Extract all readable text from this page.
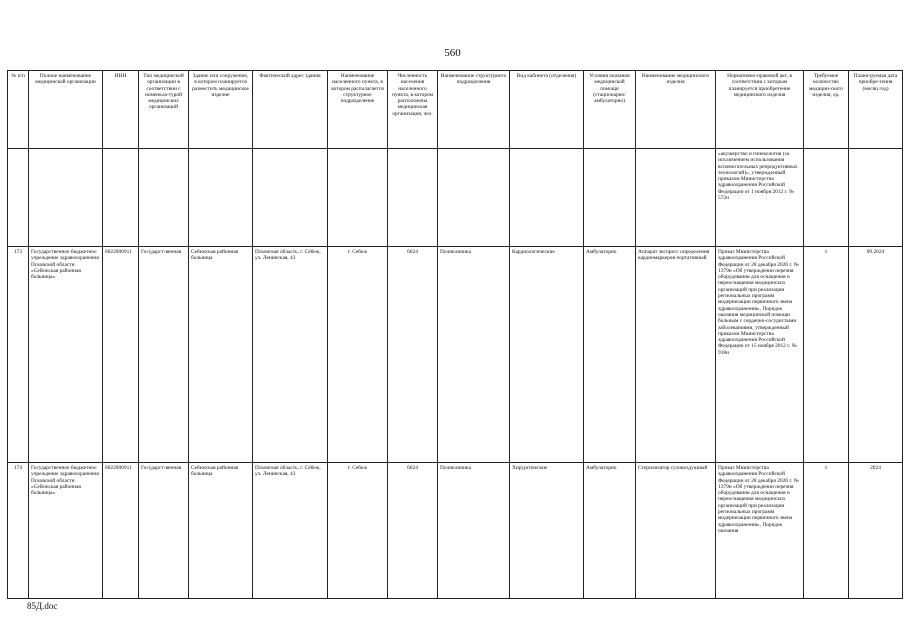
560
№ п/п	Полное наименование медицинской организации	ИНН	Тип медицинской организации в соответствии с номенкла-турой медицинских организаций	Здание или сооружение, в котором планируется разместить медицинское изделие	Фактический адрес здания	Наименование населенного пункта, в котором располагается структурное подразделение	Численность населения населенного пункта, в котором расположена медицинская организация, чел.	Наименование структурного подразделения	Вид кабинета (отделения)	Условия оказания медицинской помощи (стационарно/амбулаторно)	Наименование медицинского изделия	Нормативно-правовой акт, в соответствии с которым планируется приобретение медицинского изделия	Требуемое количество медицин-ского изделия, ед.	Плани-руемая дата приобре-тения (месяц год)
												«акушерство и гинекология (за исключением использования вспомогательных репродуктивных технологий)», утвержденный приказом Министерства здравоохранения Российской Федерации от 1 ноября 2012 г. № 572н		
173	Государственное бюджетное учреждение здравоохранения Псковской области «Себежская районная больница»	6022000911	Государст-венная	Себежская районная больница	Псковская область, г. Себеж, ул. Ленинская, 43	г. Себеж	6024	Поликлиника	Кардиологические	Амбулаторно	Аппарат экспресс определения кардиомаркеров портативный	Приказ Министерства здравоохранения Российской Федерации от 28 декабря 2020 г. № 1379н «Об утверждении перечня оборудования для оснащения и переоснащения медицинских организаций при реализации региональных программ модернизации первичного звена здравоохранения», Порядок оказания медицинской помощи больным с сердечно-сосудистыми заболеваниями, утвержденный приказом Министерства здравоохранения Российской Федерации от 15 ноября 2012 г. № 918н	1	09.2024
174	Государственное бюджетное учреждение здравоохранения Псковской области «Себежская районная больница»	6022000911	Государст-венная	Себежская районная больница	Псковская область, г. Себеж, ул. Ленинская, 43	г. Себеж	6024	Поликлиника	Хирургические	Амбулаторно	Стерилизатор суховоздушный	Приказ Министерства здравоохранения Российской Федерации от 28 декабря 2020 г. № 1379н «Об утверждении перечня оборудования для оснащения и переоснащения медицинских организаций при реализации региональных программ модернизации первичного звена здравоохранения», Порядок оказания	1	2024
85Д.doc
